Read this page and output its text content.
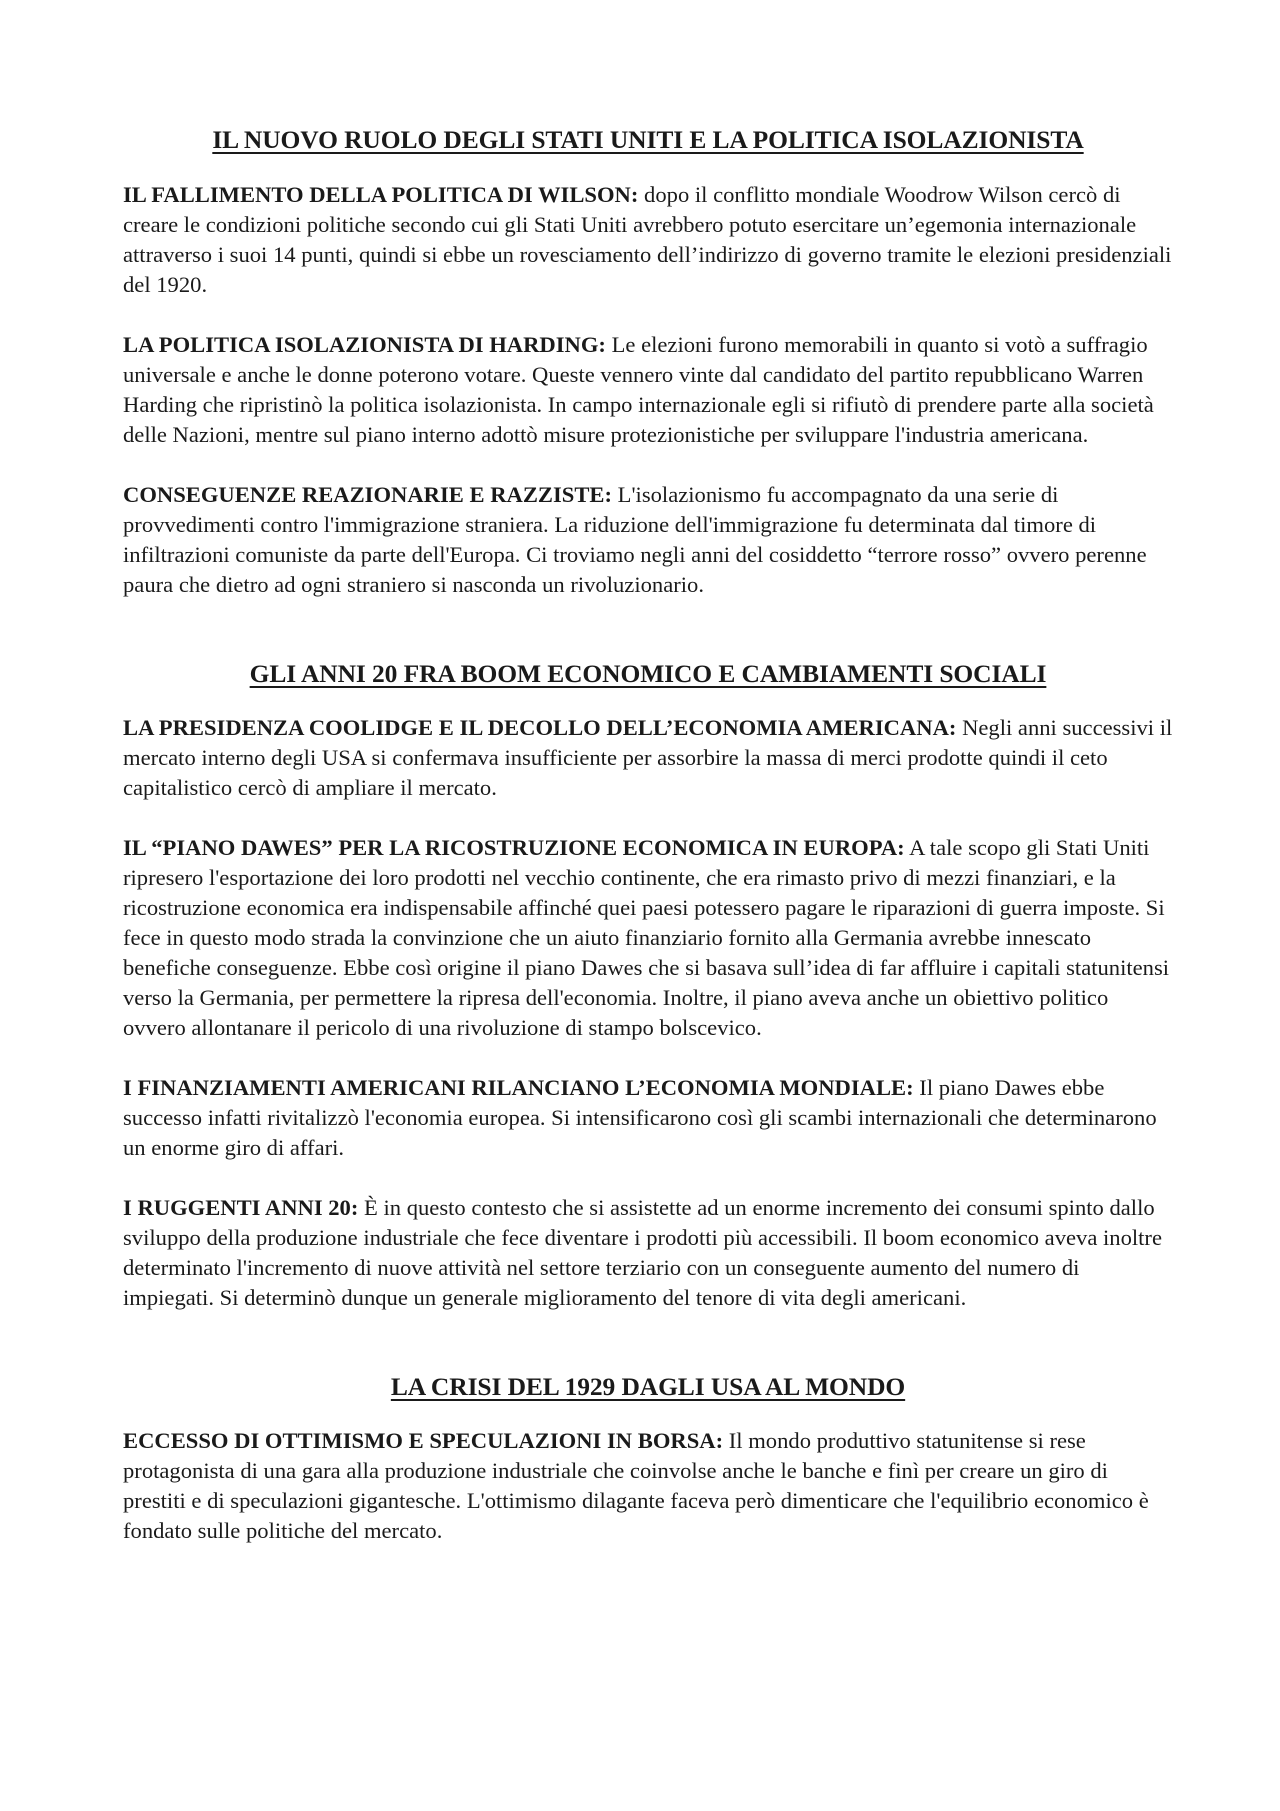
IL NUOVO RUOLO DEGLI STATI UNITI E LA POLITICA ISOLAZIONISTA

IL FALLIMENTO DELLA POLITICA DI WILSON: dopo il conflitto mondiale Woodrow Wilson cercò di creare le condizioni politiche secondo cui gli Stati Uniti avrebbero potuto esercitare un’egemonia internazionale attraverso i suoi 14 punti, quindi si ebbe un rovesciamento dell’indirizzo di governo tramite le elezioni presidenziali del 1920.

LA POLITICA ISOLAZIONISTA DI HARDING: Le elezioni furono memorabili in quanto si votò a suffragio universale e anche le donne poterono votare. Queste vennero vinte dal candidato del partito repubblicano Warren Harding che ripristinò la politica isolazionista. In campo internazionale egli si rifiutò di prendere parte alla società delle Nazioni, mentre sul piano interno adottò misure protezionistiche per sviluppare l'industria americana.

CONSEGUENZE REAZIONARIE E RAZZISTE: L'isolazionismo fu accompagnato da una serie di provvedimenti contro l'immigrazione straniera. La riduzione dell'immigrazione fu determinata dal timore di infiltrazioni comuniste da parte dell'Europa. Ci troviamo negli anni del cosiddetto “terrore rosso” ovvero perenne paura che dietro ad ogni straniero si nasconda un rivoluzionario.

GLI ANNI 20 FRA BOOM ECONOMICO E CAMBIAMENTI SOCIALI

LA PRESIDENZA COOLIDGE E IL DECOLLO DELL’ECONOMIA AMERICANA: Negli anni successivi il mercato interno degli USA si confermava insufficiente per assorbire la massa di merci prodotte quindi il ceto capitalistico cercò di ampliare il mercato.

IL “PIANO DAWES” PER LA RICOSTRUZIONE ECONOMICA IN EUROPA: A tale scopo gli Stati Uniti ripresero l'esportazione dei loro prodotti nel vecchio continente, che era rimasto privo di mezzi finanziari, e la ricostruzione economica era indispensabile affinché quei paesi potessero pagare le riparazioni di guerra imposte. Si fece in questo modo strada la convinzione che un aiuto finanziario fornito alla Germania avrebbe innescato benefiche conseguenze. Ebbe così origine il piano Dawes che si basava sull’idea di far affluire i capitali statunitensi verso la Germania, per permettere la ripresa dell'economia. Inoltre, il piano aveva anche un obiettivo politico ovvero allontanare il pericolo di una rivoluzione di stampo bolscevico.

I FINANZIAMENTI AMERICANI RILANCIANO L’ECONOMIA MONDIALE: Il piano Dawes ebbe successo infatti rivitalizzò l'economia europea. Si intensificarono così gli scambi internazionali che determinarono un enorme giro di affari.

I RUGGENTI ANNI 20: È in questo contesto che si assistette ad un enorme incremento dei consumi spinto dallo sviluppo della produzione industriale che fece diventare i prodotti più accessibili. Il boom economico aveva inoltre determinato l'incremento di nuove attività nel settore terziario con un conseguente aumento del numero di impiegati. Si determinò dunque un generale miglioramento del tenore di vita degli americani.

LA CRISI DEL 1929 DAGLI USA AL MONDO

ECCESSO DI OTTIMISMO E SPECULAZIONI IN BORSA: Il mondo produttivo statunitense si rese protagonista di una gara alla produzione industriale che coinvolse anche le banche e finì per creare un giro di prestiti e di speculazioni gigantesche. L'ottimismo dilagante faceva però dimenticare che l'equilibrio economico è fondato sulle politiche del mercato.
